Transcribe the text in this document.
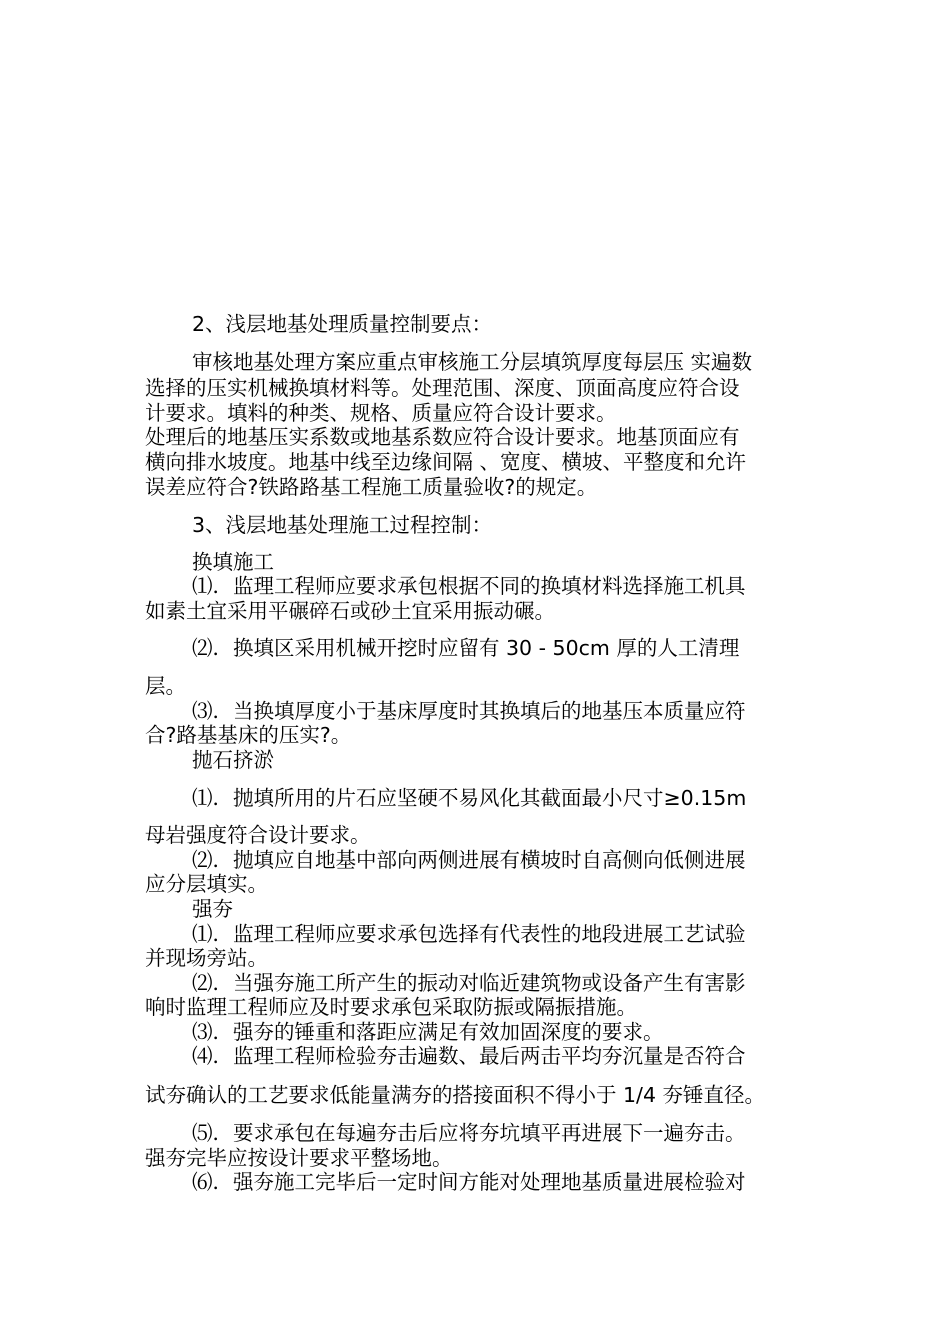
2、浅层地基处理质量控制要点：
审核地基处理方案应重点审核施工分层填筑厚度每层压 实遍数
选择的压实机械换填材料等。处理范围、深度、顶面高度应符合设
计要求。填料的种类、规格、质量应符合设计要求。
处理后的地基压实系数或地基系数应符合设计要求。地基顶面应有
横向排水坡度。地基中线至边缘间隔 、宽度、横坡、平整度和允许
误差应符合?铁路路基工程施工质量验收?的规定。
3、浅层地基处理施工过程控制：
换填施工
⑴．监理工程师应要求承包根据不同的换填材料选择施工机具
如素土宜采用平碾碎石或砂土宜采用振动碾。
⑵．换填区采用机械开挖时应留有 30 - 50cm 厚的人工清理
层。
⑶．当换填厚度小于基床厚度时其换填后的地基压本质量应符
合?路基基床的压实?。
抛石挤淤
⑴．抛填所用的片石应坚硬不易风化其截面最小尺寸≥0.15m
母岩强度符合设计要求。
⑵．抛填应自地基中部向两侧进展有横坡时自高侧向低侧进展
应分层填实。
强夯
⑴．监理工程师应要求承包选择有代表性的地段进展工艺试验
并现场旁站。
⑵．当强夯施工所产生的振动对临近建筑物或设备产生有害影
响时监理工程师应及时要求承包采取防振或隔振措施。
⑶．强夯的锤重和落距应满足有效加固深度的要求。
⑷．监理工程师检验夯击遍数、最后两击平均夯沉量是否符合
试夯确认的工艺要求低能量满夯的搭接面积不得小于 1/4 夯锤直径。
⑸．要求承包在每遍夯击后应将夯坑填平再进展下一遍夯击。
强夯完毕应按设计要求平整场地。
⑹．强夯施工完毕后一定时间方能对处理地基质量进展检验对
